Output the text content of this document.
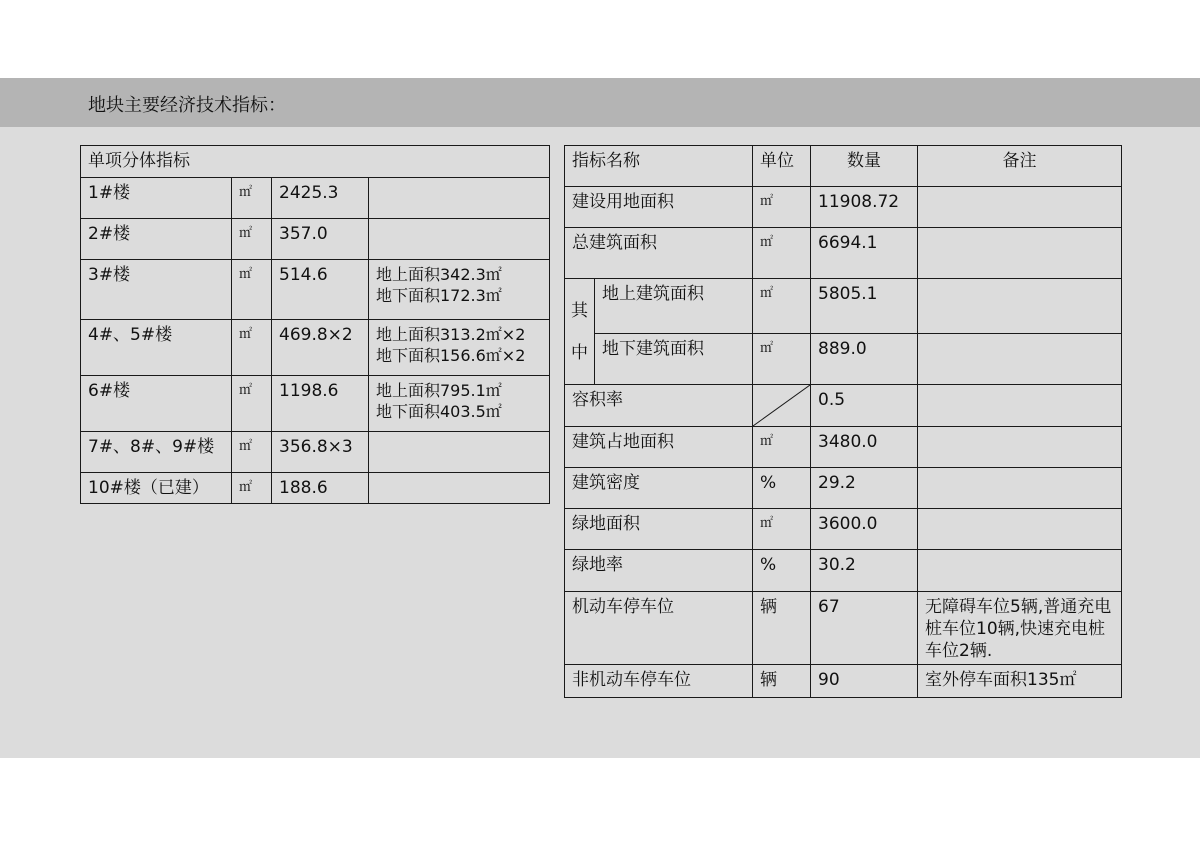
地块主要经济技术指标：
单项分体指标			
1#楼	㎡	2425.3	
2#楼	㎡	357.0	
3#楼	㎡	514.6	地上面积342.3㎡
地下面积172.3㎡

4#、5#楼	㎡	469.8×2	地上面积313.2㎡×2
地下面积156.6㎡×2

6#楼	㎡	1198.6	地上面积795.1㎡
地下面积403.5㎡

7#、8#、9#楼	㎡	356.8×3	
10#楼（已建）	㎡	188.6	
指标名称		单位	数量	备注
建设用地面积		㎡	11908.72	
总建筑面积		㎡	6694.1	

其
中	地上建筑面积	㎡	5805.1	
	地下建筑面积	㎡	889.0	
容积率			0.5	
建筑占地面积		㎡	3480.0	
建筑密度		%	29.2	
绿地面积		㎡	3600.0	
绿地率		%	30.2	
机动车停车位		辆	67	无障碍车位5辆,普通充电桩车位10辆,快速充电桩车位2辆.
非机动车停车位		辆	90	室外停车面积135㎡
